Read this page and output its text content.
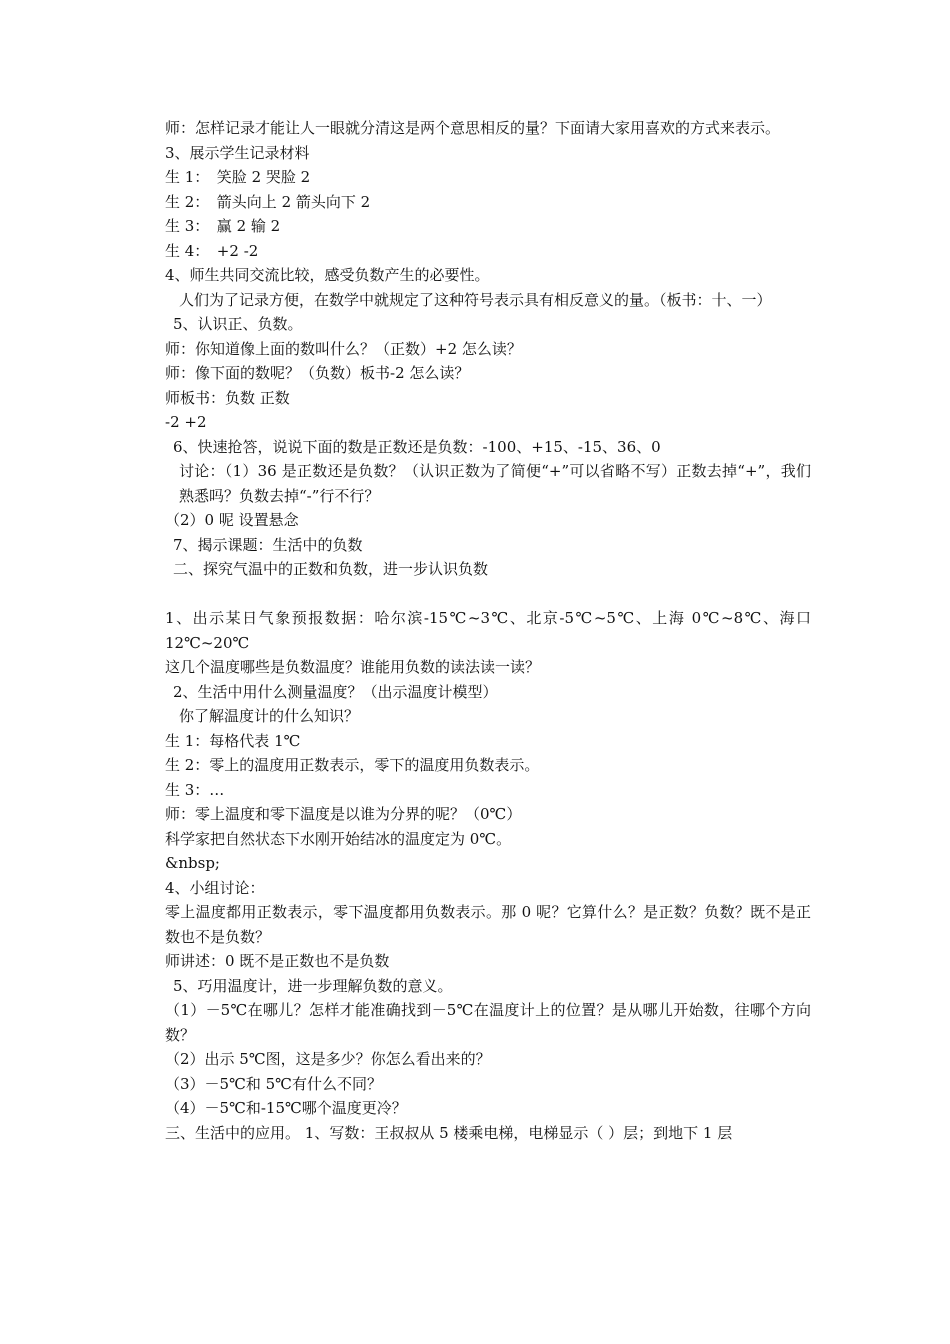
师：怎样记录才能让人一眼就分清这是两个意思相反的量？下面请大家用喜欢的方式来表示。
3、展示学生记录材料
生 1：　笑脸 2 哭脸 2
生 2：　箭头向上 2 箭头向下 2
生 3：　赢 2 输 2
生 4：　+2 -2
4、师生共同交流比较，感受负数产生的必要性。
人们为了记录方便，在数学中就规定了这种符号表示具有相反意义的量。（板书：十、一）
5、认识正、负数。
师：你知道像上面的数叫什么？（正数）+2 怎么读？
师：像下面的数呢？（负数）板书-2 怎么读？
师板书：负数 正数
-2 +2
6、快速抢答，说说下面的数是正数还是负数：-100、+15、-15、36、0
讨论：（1）36 是正数还是负数？（认识正数为了简便“+”可以省略不写）正数去掉“+”，我们熟悉吗？负数去掉“-”行不行？
（2）0 呢 设置悬念
7、揭示课题：生活中的负数
二、探究气温中的正数和负数，进一步认识负数
1、出示某日气象预报数据：哈尔滨-15℃~3℃、北京-5℃~5℃、上海 0℃~8℃、海口 12℃~20℃
这几个温度哪些是负数温度？谁能用负数的读法读一读？
2、生活中用什么测量温度？（出示温度计模型）
你了解温度计的什么知识？
生 1：每格代表 1℃
生 2：零上的温度用正数表示，零下的温度用负数表示。
生 3：…
师：零上温度和零下温度是以谁为分界的呢？（0℃）
科学家把自然状态下水刚开始结冰的温度定为 0℃。
&nbsp;
4、小组讨论：
零上温度都用正数表示，零下温度都用负数表示。那 0 呢？它算什么？是正数？负数？既不是正数也不是负数？
师讲述：0 既不是正数也不是负数
5、巧用温度计，进一步理解负数的意义。
（1）－5℃在哪儿？怎样才能准确找到－5℃在温度计上的位置？是从哪儿开始数，往哪个方向数？
（2）出示 5℃图，这是多少？你怎么看出来的？
（3）－5℃和 5℃有什么不同？
（4）－5℃和-15℃哪个温度更冷？
三、生活中的应用。 1、写数：王叔叔从 5 楼乘电梯，电梯显示（ ）层；到地下 1 层
